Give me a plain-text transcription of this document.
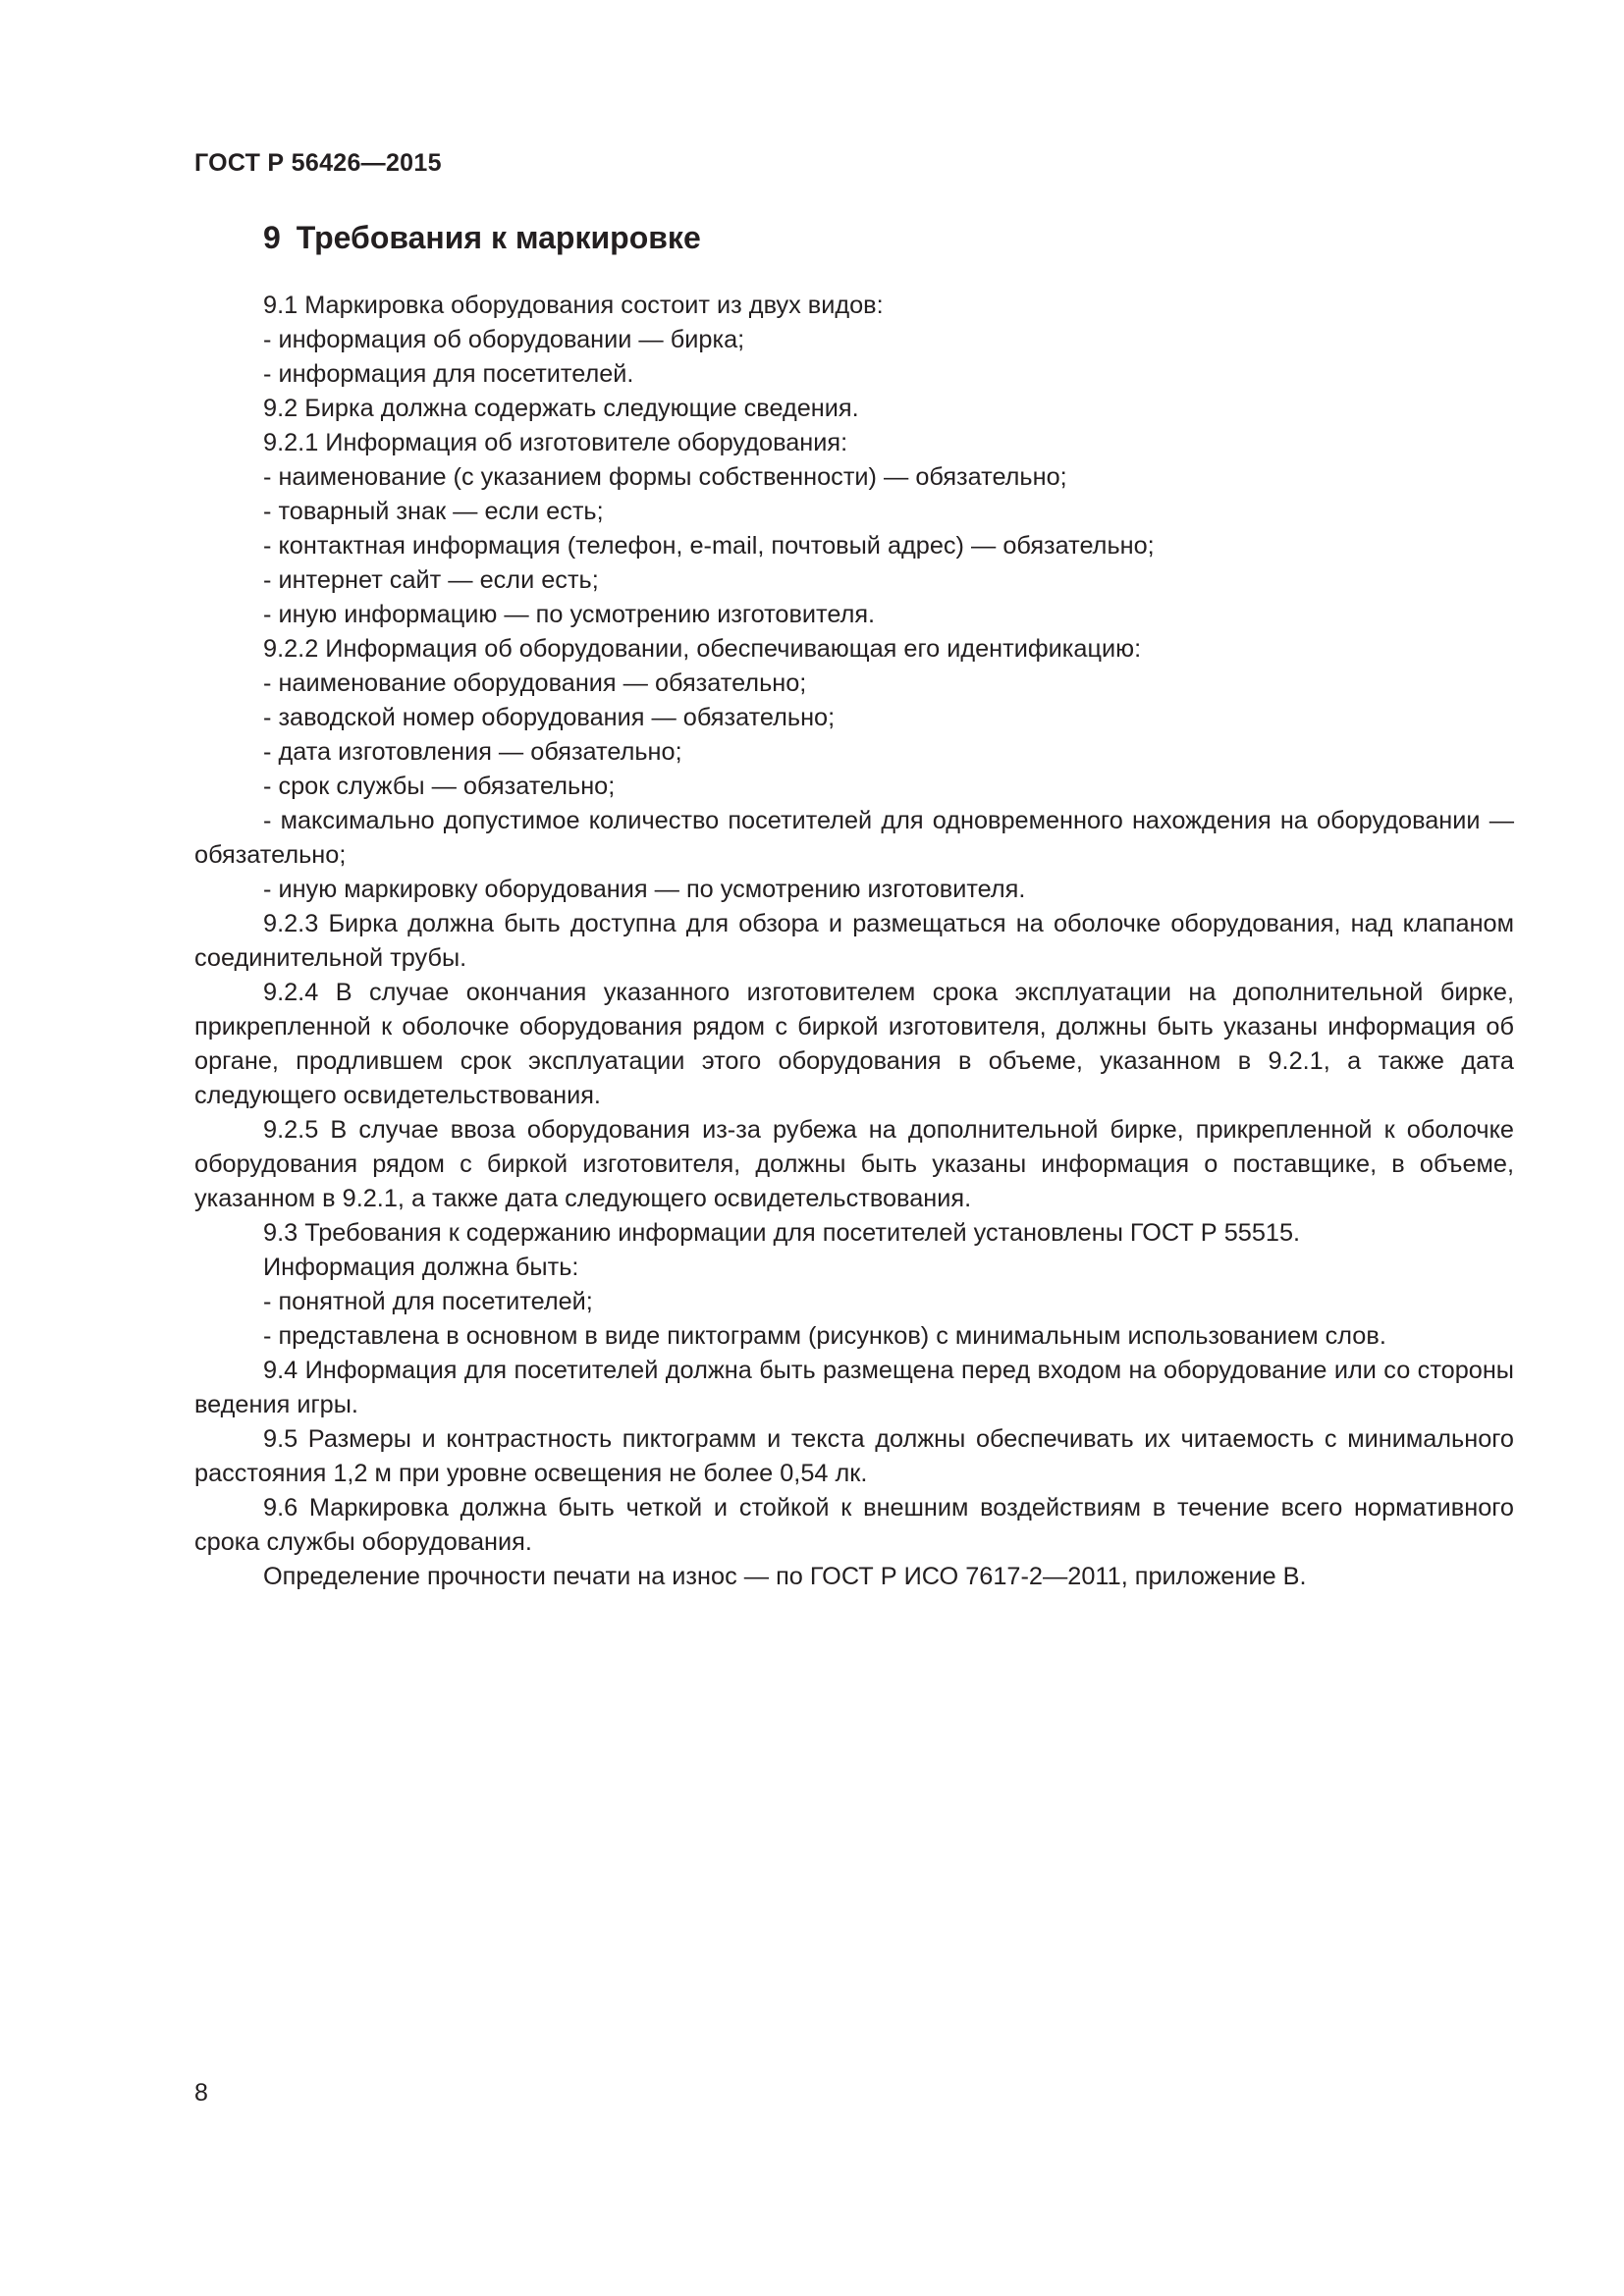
ГОСТ Р 56426—2015
9 Требования к маркировке

9.1 Маркировка оборудования состоит из двух видов:

- информация об оборудовании — бирка;

- информация для посетителей.

9.2 Бирка должна содержать следующие сведения.

9.2.1 Информация об изготовителе оборудования:

- наименование (с указанием формы собственности) — обязательно;

- товарный знак — если есть;

- контактная информация (телефон, e-mail, почтовый адрес) — обязательно;

- интернет сайт — если есть;

- иную информацию — по усмотрению изготовителя.

9.2.2 Информация об оборудовании, обеспечивающая его идентификацию:

- наименование оборудования — обязательно;

- заводской номер оборудования — обязательно;

- дата изготовления — обязательно;

- срок службы — обязательно;

- максимально допустимое количество посетителей для одновременного нахождения на оборудовании — обязательно;

- иную маркировку оборудования — по усмотрению изготовителя.

9.2.3 Бирка должна быть доступна для обзора и размещаться на оболочке оборудования, над клапаном соединительной трубы.

9.2.4 В случае окончания указанного изготовителем срока эксплуатации на дополнительной бирке, прикрепленной к оболочке оборудования рядом с биркой изготовителя, должны быть указаны информация об органе, продлившем срок эксплуатации этого оборудования в объеме, указанном в 9.2.1, а также дата следующего освидетельствования.

9.2.5 В случае ввоза оборудования из-за рубежа на дополнительной бирке, прикрепленной к оболочке оборудования рядом с биркой изготовителя, должны быть указаны информация о поставщике, в объеме, указанном в 9.2.1, а также дата следующего освидетельствования.

9.3 Требования к содержанию информации для посетителей установлены ГОСТ Р 55515.

Информация должна быть:

- понятной для посетителей;

- представлена в основном в виде пиктограмм (рисунков) с минимальным использованием слов.

9.4 Информация для посетителей должна быть размещена перед входом на оборудование или со стороны ведения игры.

9.5 Размеры и контрастность пиктограмм и текста должны обеспечивать их читаемость с минимального расстояния 1,2 м при уровне освещения не более 0,54 лк.

9.6 Маркировка должна быть четкой и стойкой к внешним воздействиям в течение всего нормативного срока службы оборудования.

Определение прочности печати на износ — по ГОСТ Р ИСО 7617-2—2011, приложение В.

8
